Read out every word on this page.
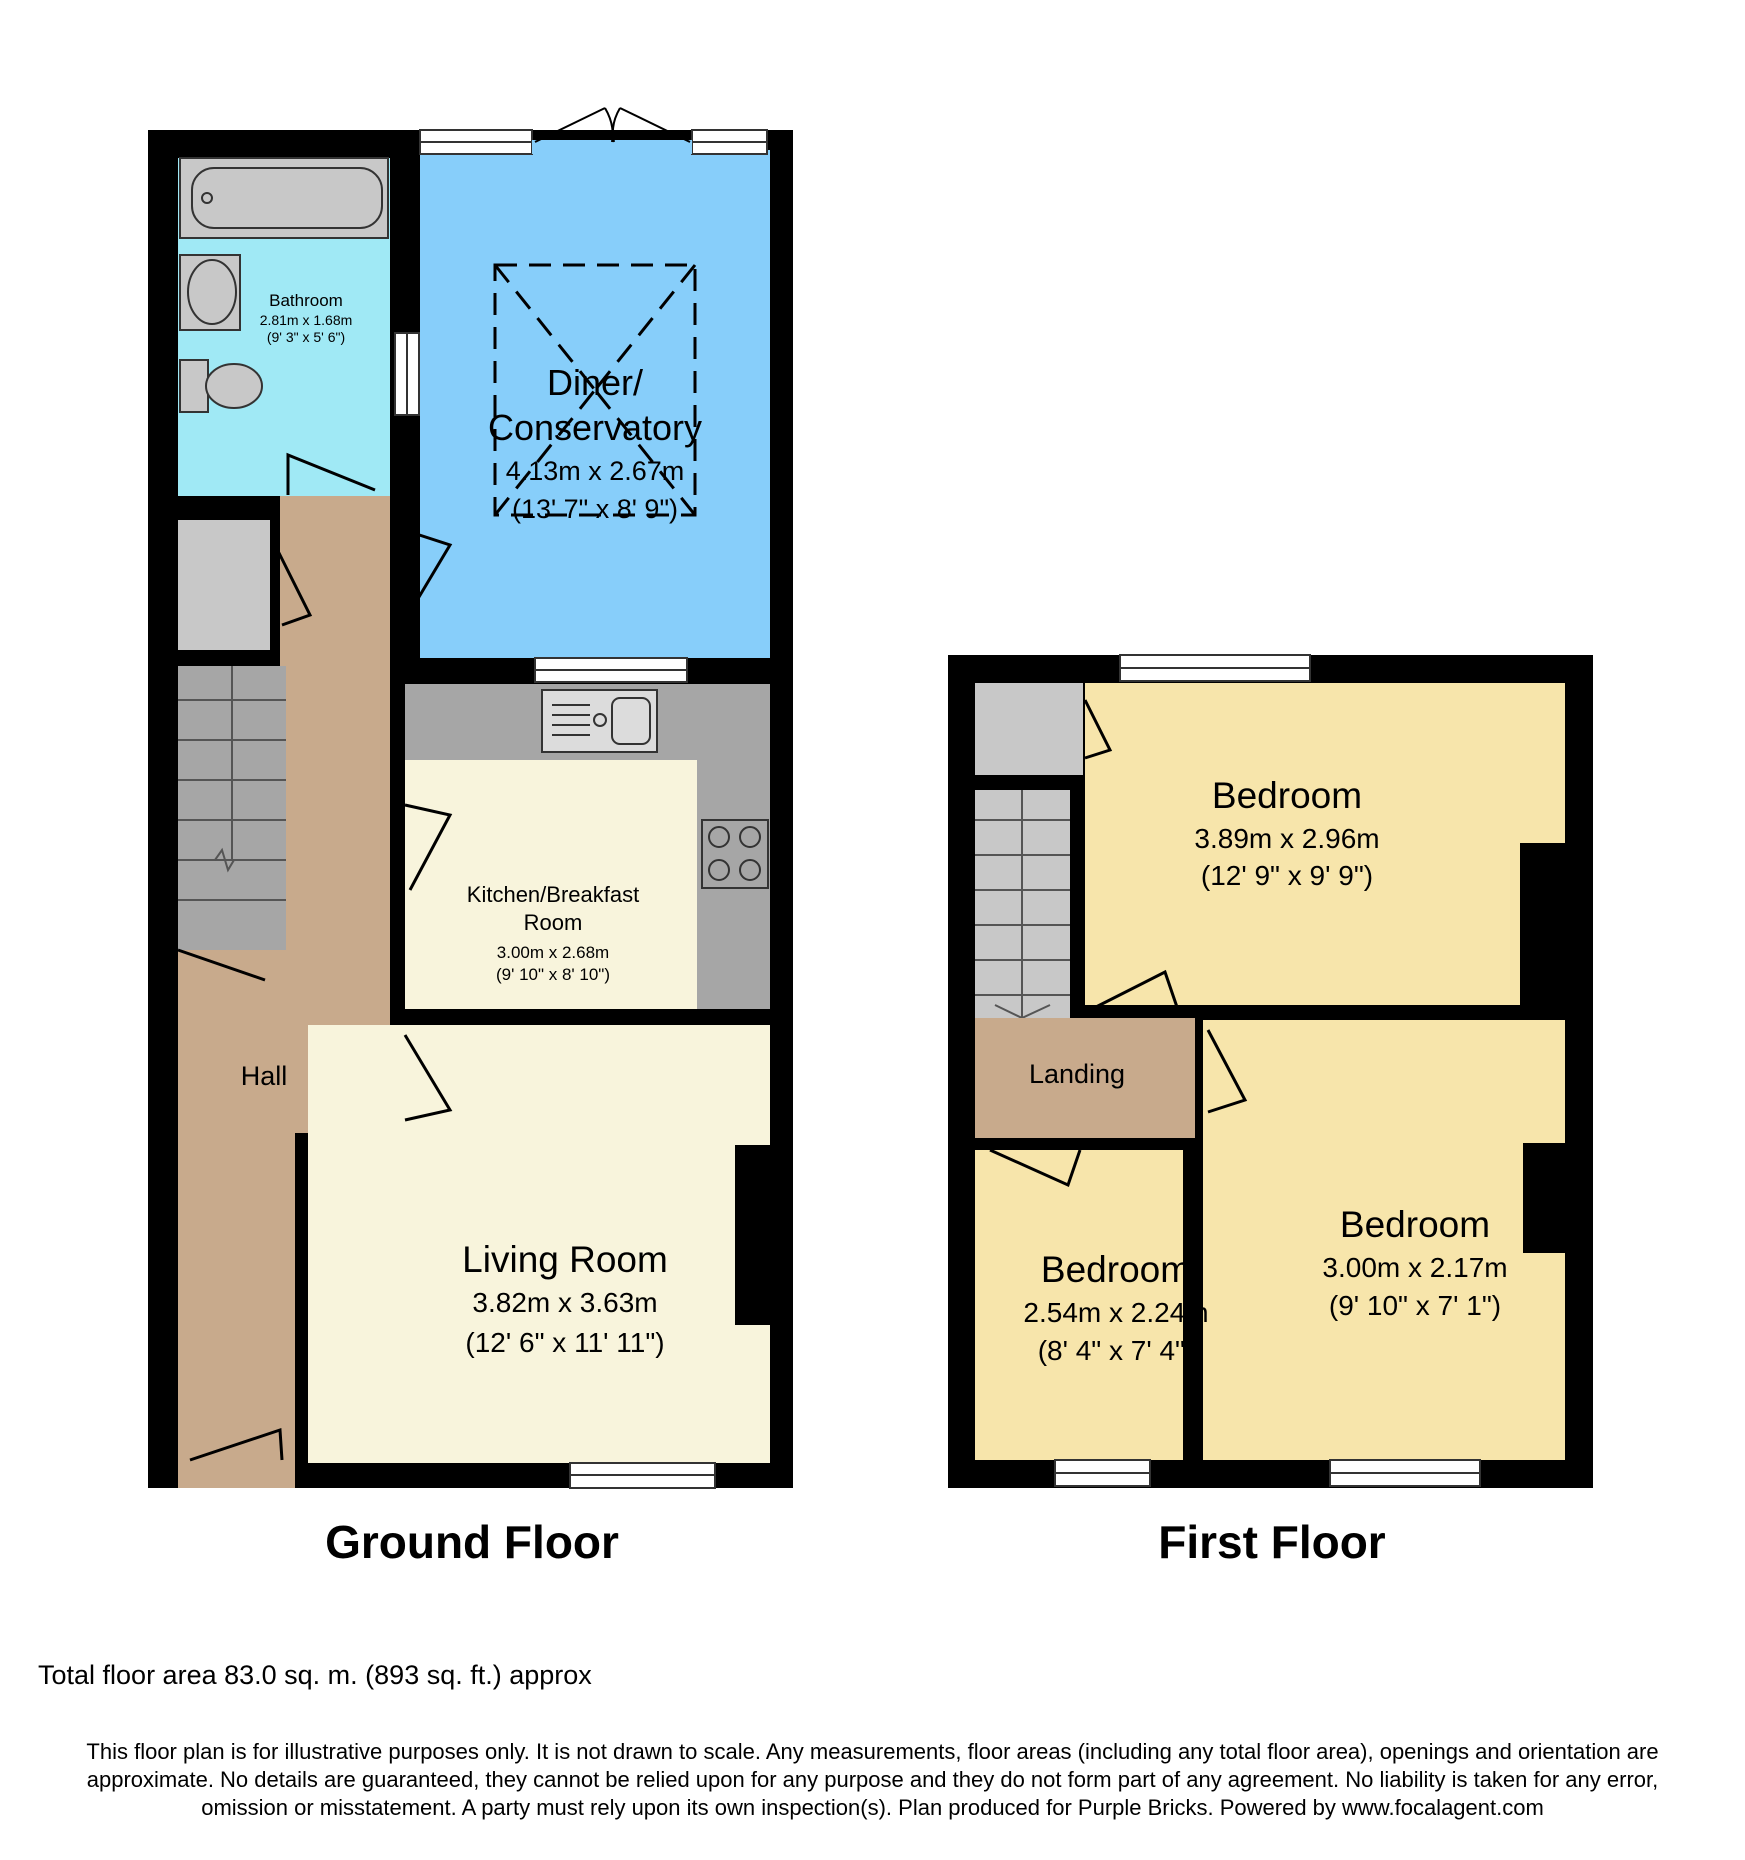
Bathroom
2.81m x 1.68m
(9' 3" x 5' 6")
Diner/
Conservatory
4.13m x 2.67m
(13' 7" x 8' 9")
Kitchen/Breakfast
Room
3.00m x 2.68m
(9' 10" x 8' 10")
Hall
Living Room
3.82m x 3.63m
(12' 6" x 11' 11")
Bedroom
3.89m x 2.96m
(12' 9" x 9' 9")
Landing
Bedroom
3.00m x 2.17m
(9' 10" x 7' 1")
Bedroom
2.54m x 2.24m
(8' 4" x 7' 4")
Ground Floor	First Floor
Total floor area 83.0 sq. m. (893 sq. ft.) approx
This floor plan is for illustrative purposes only. It is not drawn to scale. Any measurements, floor areas (including any total floor area), openings and orientation are
approximate. No details are guaranteed, they cannot be relied upon for any purpose and they do not form part of any agreement. No liability is taken for any error,
omission or misstatement. A party must rely upon its own inspection(s). Plan produced for Purple Bricks. Powered by www.focalagent.com
